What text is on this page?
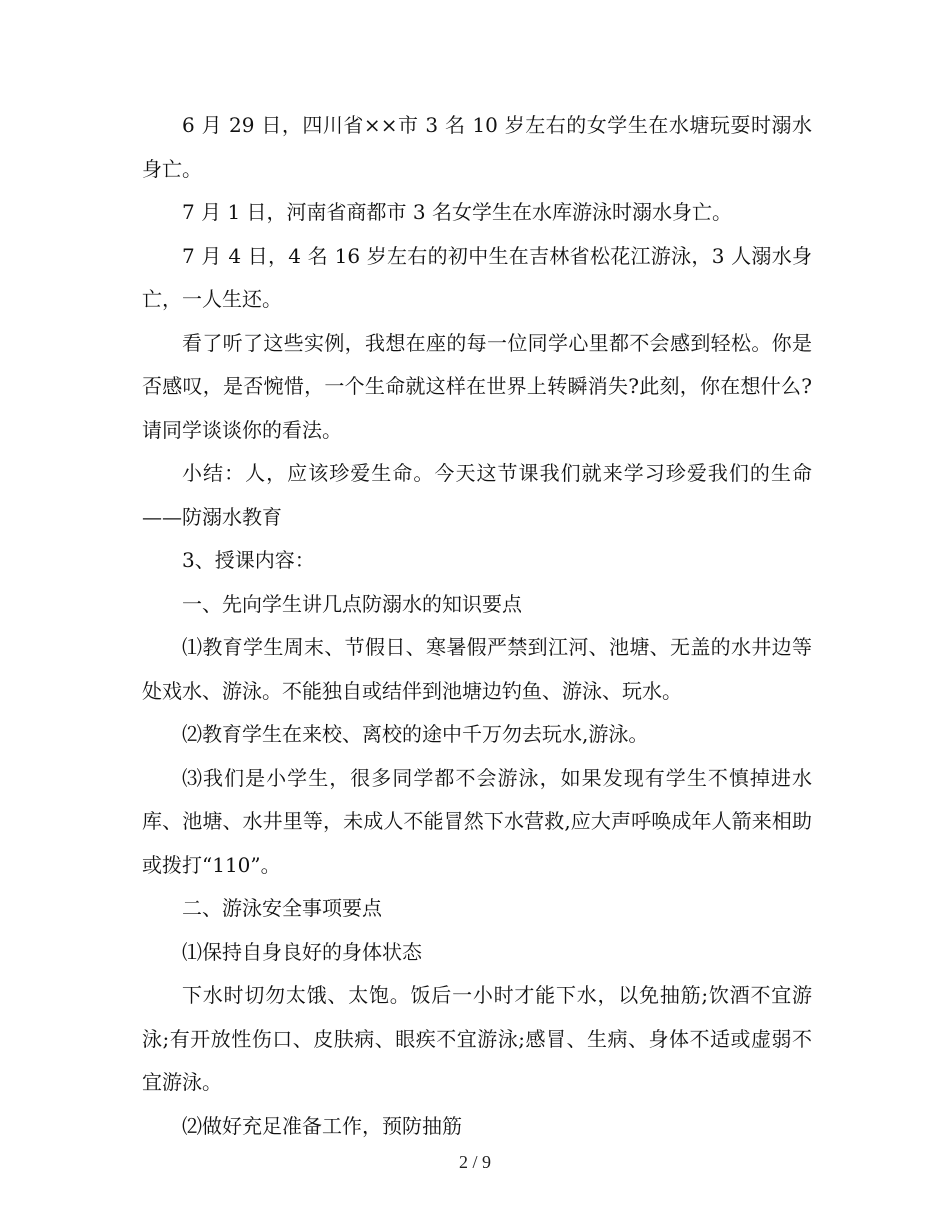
6 月 29 日，四川省××市 3 名 10 岁左右的女学生在水塘玩耍时溺水身亡。

7 月 1 日，河南省商都市 3 名女学生在水库游泳时溺水身亡。

7 月 4 日，4 名 16 岁左右的初中生在吉林省松花江游泳，3 人溺水身亡，一人生还。

看了听了这些实例，我想在座的每一位同学心里都不会感到轻松。你是否感叹，是否惋惜，一个生命就这样在世界上转瞬消失?此刻，你在想什么?请同学谈谈你的看法。

小结：人，应该珍爱生命。今天这节课我们就来学习珍爱我们的生命——防溺水教育

3、授课内容：

一、先向学生讲几点防溺水的知识要点

⑴教育学生周末、节假日、寒暑假严禁到江河、池塘、无盖的水井边等处戏水、游泳。不能独自或结伴到池塘边钓鱼、游泳、玩水。

⑵教育学生在来校、离校的途中千万勿去玩水,游泳。

⑶我们是小学生，很多同学都不会游泳，如果发现有学生不慎掉进水库、池塘、水井里等，未成人不能冒然下水营救,应大声呼唤成年人箭来相助或拨打“110”。

二、游泳安全事项要点

⑴保持自身良好的身体状态

下水时切勿太饿、太饱。饭后一小时才能下水，以免抽筋;饮酒不宜游泳;有开放性伤口、皮肤病、眼疾不宜游泳;感冒、生病、身体不适或虚弱不宜游泳。

⑵做好充足准备工作，预防抽筋

2 / 9
